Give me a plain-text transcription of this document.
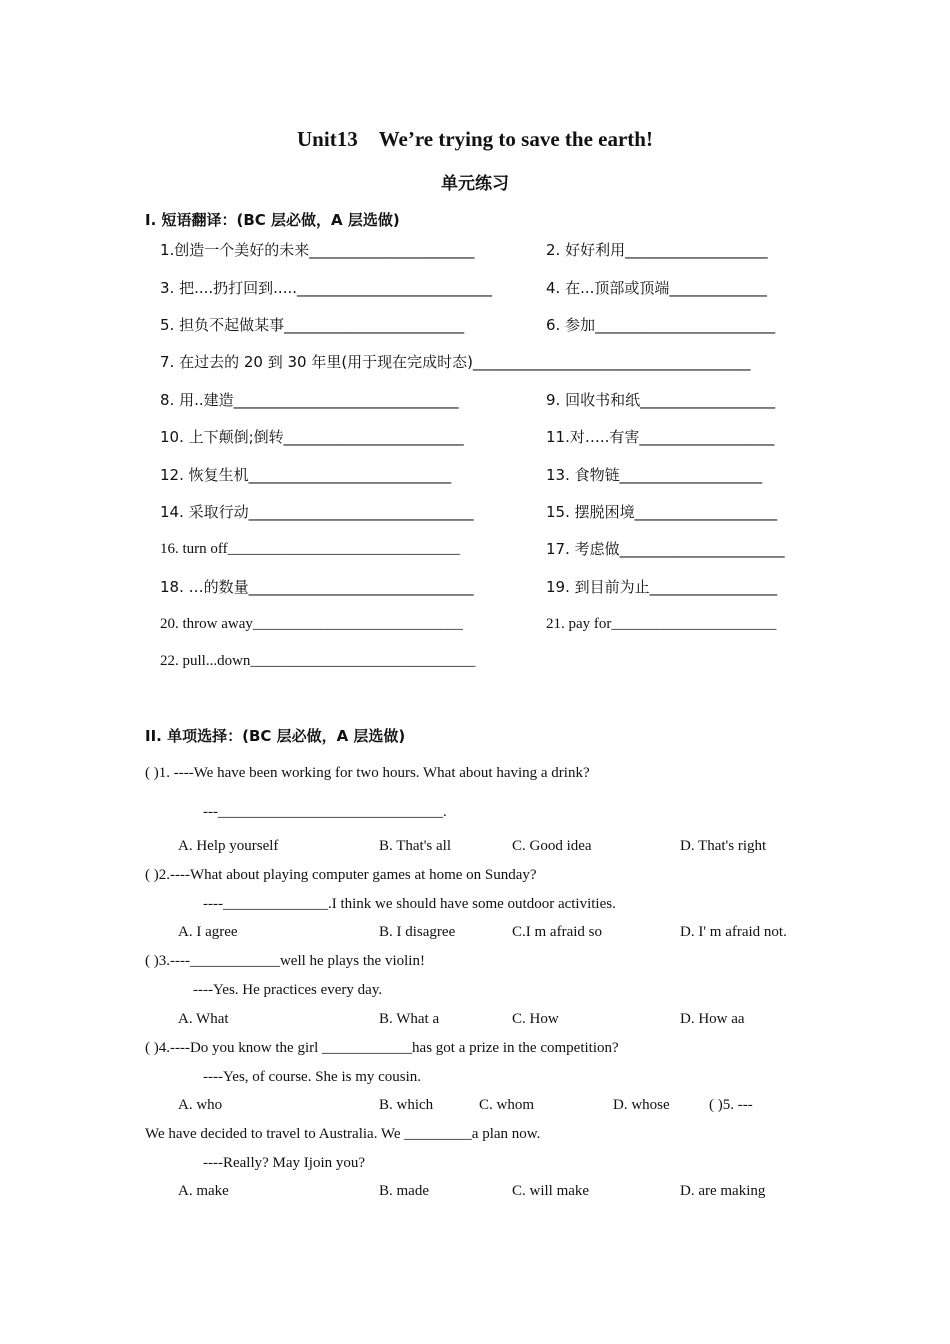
Unit13　We’re trying to save the earth!
单元练习
I. 短语翻译：(BC 层必做，A 层选做)
1.创造一个美好的未来______________________	2. 好好利用___________________
3. 把....扔打回到.....__________________________	4. 在...顶部或顶端_____________
5. 担负不起做某事________________________	6. 参加________________________
7. 在过去的 20 到 30 年里(用于现在完成时态)_____________________________________
8. 用..建造______________________________	9. 回收书和纸__________________
10. 上下颠倒;倒转________________________	11.对…..有害__________________
12. 恢复生机___________________________	13. 食物链___________________
14. 采取行动______________________________	15. 摆脱困境___________________
16. turn off_______________________________	17. 考虑做______________________
18. …的数量______________________________	19. 到目前为止_________________
20. throw away____________________________	21. pay for______________________
22. pull...down______________________________
II. 单项选择：(BC 层必做，A 层选做)
( )1. ----We have been working for two hours. What about having a drink?
---______________________________.
A. Help yourself	B. That's all	C. Good idea	D. That's right
( )2.----What about playing computer games at home on Sunday?
----______________.I think we should have some outdoor activities.
A. I agree	B. I disagree	C.I m afraid so	D. I' m afraid not.
( )3.----____________well he plays the violin!
----Yes. He practices every day.
A. What	B. What a	C. How	D. How aa
( )4.----Do you know the girl ____________has got a prize in the competition?
----Yes, of course. She is my cousin.
A. who	B. which	C. whom	D. whose	( )5. ---
We have decided to travel to Australia. We _________a plan now.
----Really? May Ijoin you?
A. make	B. made	C. will make	D. are making
